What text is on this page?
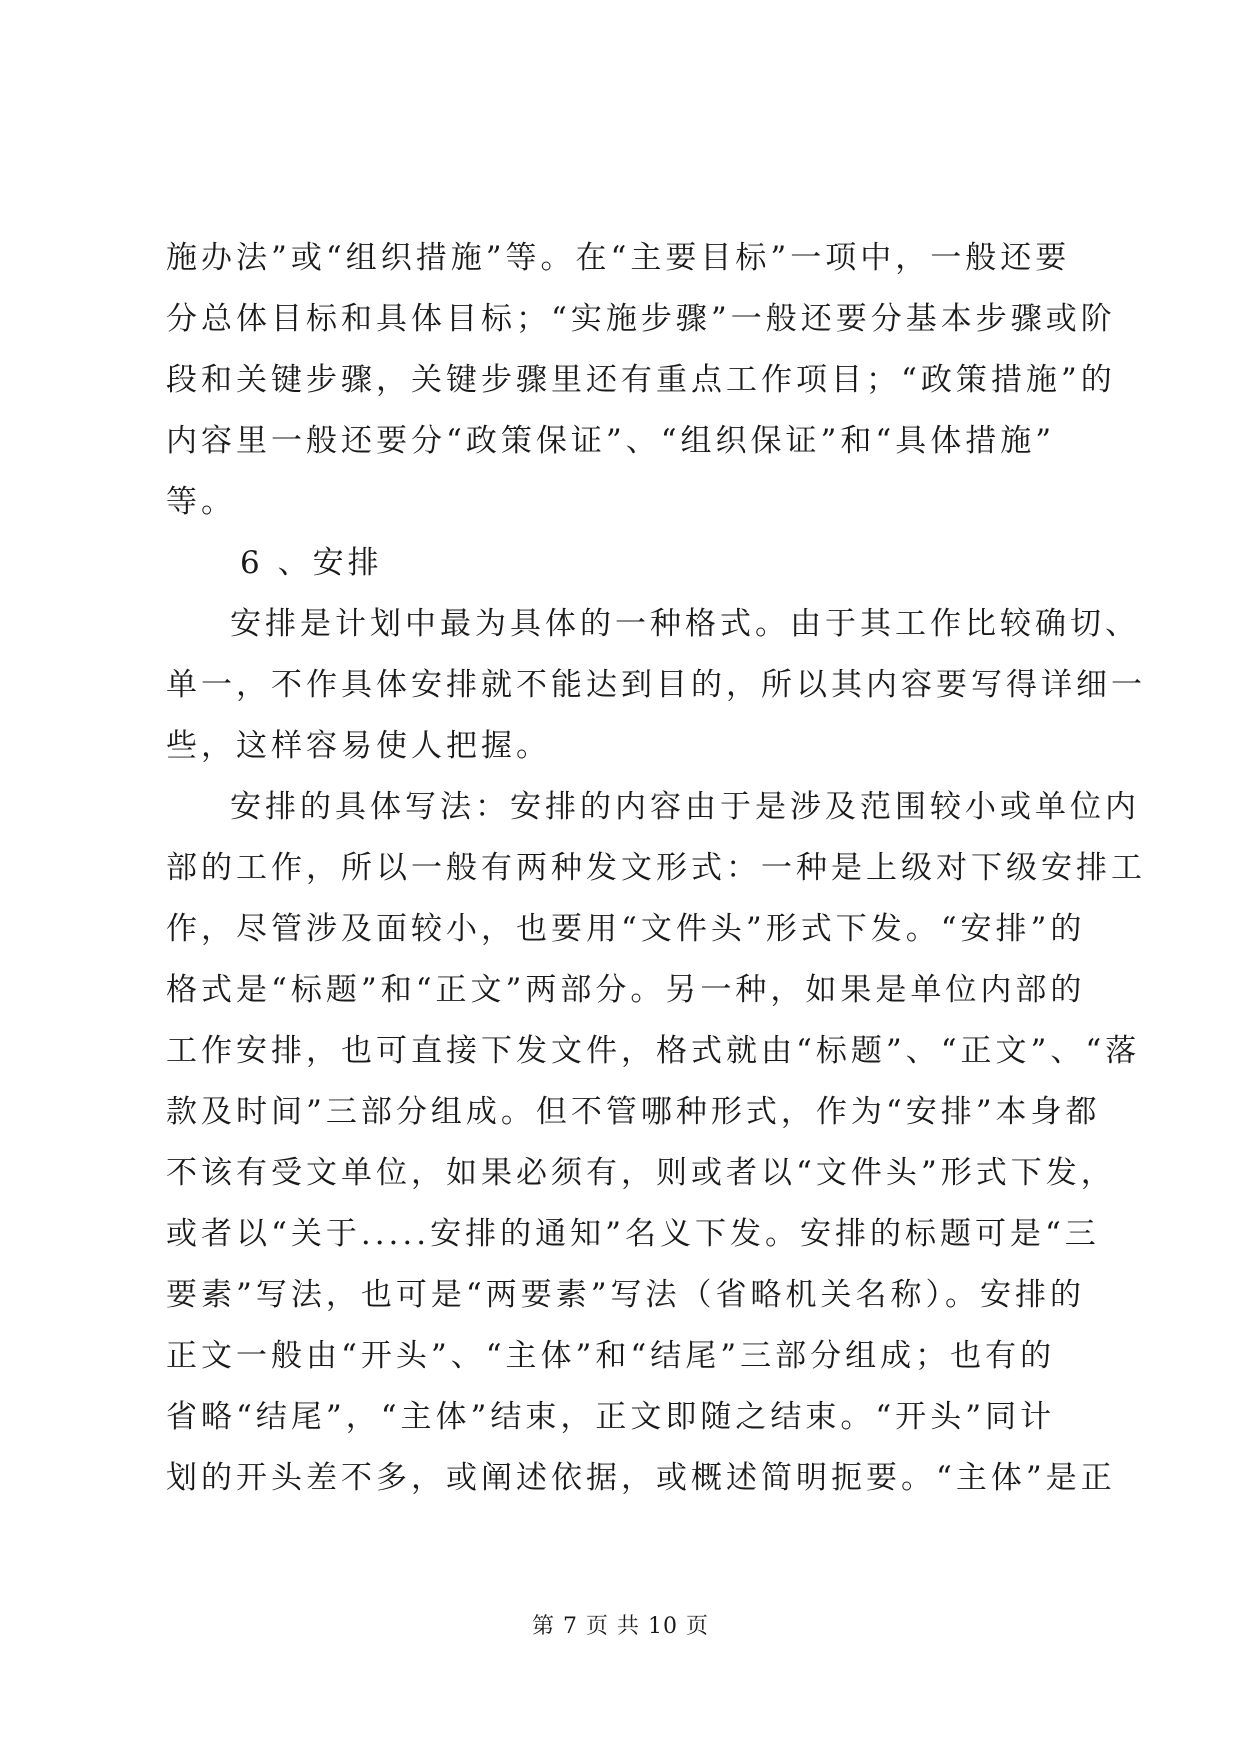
施办法”或“组织措施”等。在“主要目标”一项中，一般还要
分总体目标和具体目标；“实施步骤”一般还要分基本步骤或阶
段和关键步骤，关键步骤里还有重点工作项目；“政策措施”的
内容里一般还要分“政策保证”、“组织保证”和“具体措施”
等。
6 、安排
安排是计划中最为具体的一种格式。由于其工作比较确切、
单一，不作具体安排就不能达到目的，所以其内容要写得详细一
些，这样容易使人把握。
安排的具体写法：安排的内容由于是涉及范围较小或单位内
部的工作，所以一般有两种发文形式：一种是上级对下级安排工
作，尽管涉及面较小，也要用“文件头”形式下发。“安排”的
格式是“标题”和“正文”两部分。另一种，如果是单位内部的
工作安排，也可直接下发文件，格式就由“标题”、“正文”、“落
款及时间”三部分组成。但不管哪种形式，作为“安排”本身都
不该有受文单位，如果必须有，则或者以“文件头”形式下发，
或者以“关于.....安排的通知”名义下发。安排的标题可是“三
要素”写法，也可是“两要素”写法（省略机关名称）。安排的
正文一般由“开头”、“主体”和“结尾”三部分组成；也有的
省略“结尾”，“主体”结束，正文即随之结束。“开头”同计
划的开头差不多，或阐述依据，或概述简明扼要。“主体”是正
第 7 页 共 10 页
